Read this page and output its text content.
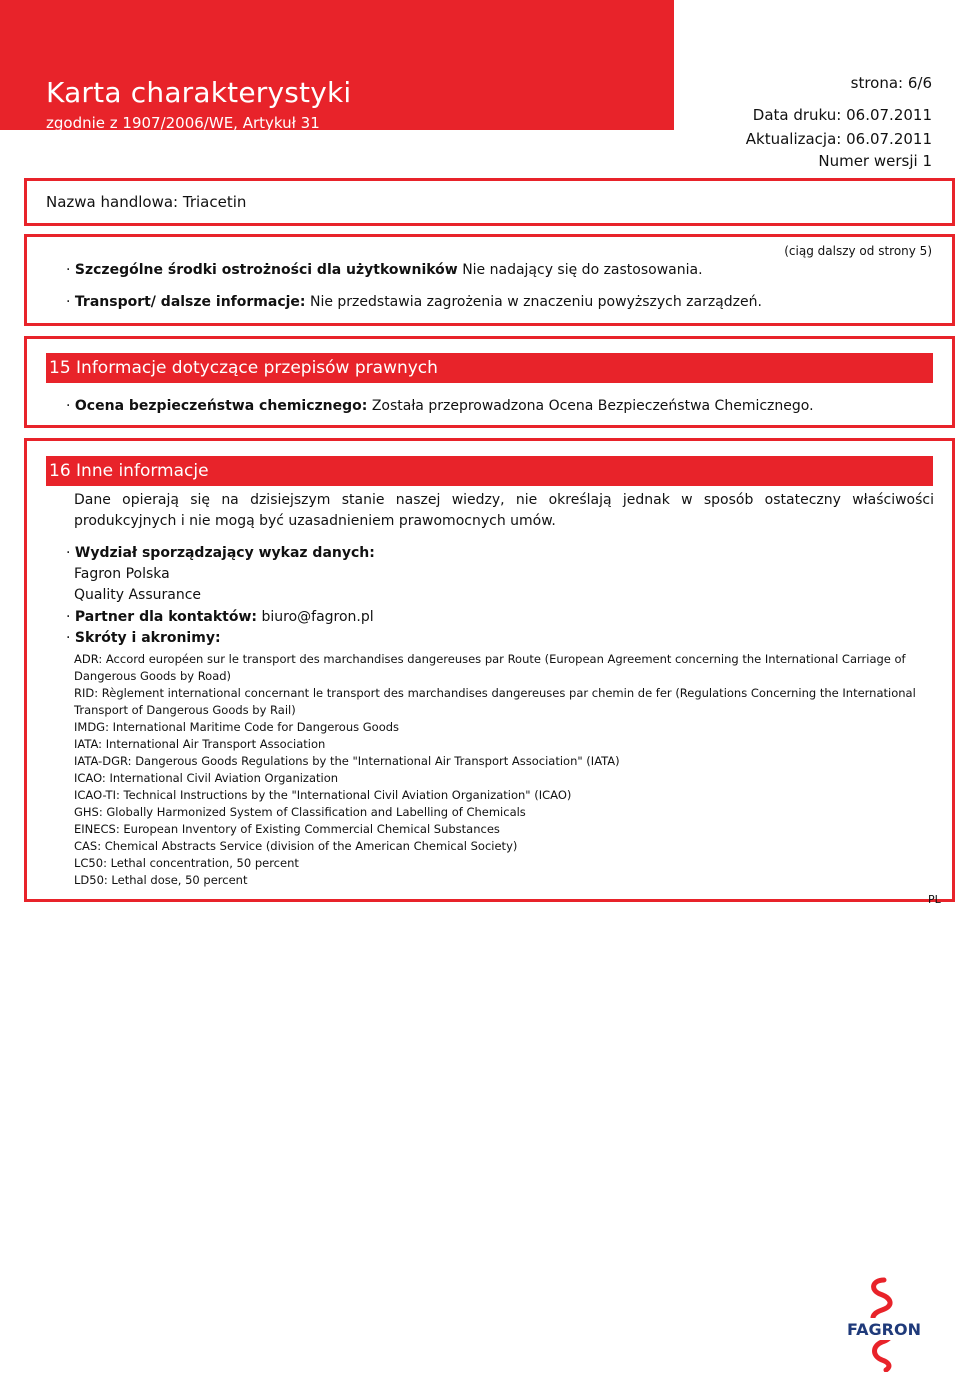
Karta charakterystyki
zgodnie z 1907/2006/WE, Artykuł 31
strona: 6/6
Data druku: 06.07.2011
Aktualizacja: 06.07.2011
Numer wersji 1
Nazwa handlowa: Triacetin
(ciąg dalszy od strony 5)
· Szczególne środki ostrożności dla użytkowników Nie nadający się do zastosowania.
· Transport/ dalsze informacje: Nie przedstawia zagrożenia w znaczeniu powyższych zarządzeń.
15 Informacje dotyczące przepisów prawnych
· Ocena bezpieczeństwa chemicznego: Została przeprowadzona Ocena Bezpieczeństwa Chemicznego.
16 Inne informacje
Dane opierają się na dzisiejszym stanie naszej wiedzy, nie określają jednak w sposób ostateczny właściwości produkcyjnych i nie mogą być uzasadnieniem prawomocnych umów.
· Wydział sporządzający wykaz danych:
Fagron Polska
Quality Assurance
· Partner dla kontaktów: biuro@fagron.pl
· Skróty i akronimy:
ADR: Accord européen sur le transport des marchandises dangereuses par Route (European Agreement concerning the International Carriage of Dangerous Goods by Road)
RID: Règlement international concernant le transport des marchandises dangereuses par chemin de fer (Regulations Concerning the International Transport of Dangerous Goods by Rail)
IMDG: International Maritime Code for Dangerous Goods
IATA: International Air Transport Association
IATA-DGR: Dangerous Goods Regulations by the "International Air Transport Association" (IATA)
ICAO: International Civil Aviation Organization
ICAO-TI: Technical Instructions by the "International Civil Aviation Organization" (ICAO)
GHS: Globally Harmonized System of Classification and Labelling of Chemicals
EINECS: European Inventory of Existing Commercial Chemical Substances
CAS: Chemical Abstracts Service (division of the American Chemical Society)
LC50: Lethal concentration, 50 percent
LD50: Lethal dose, 50 percent
PL
FAGRON
